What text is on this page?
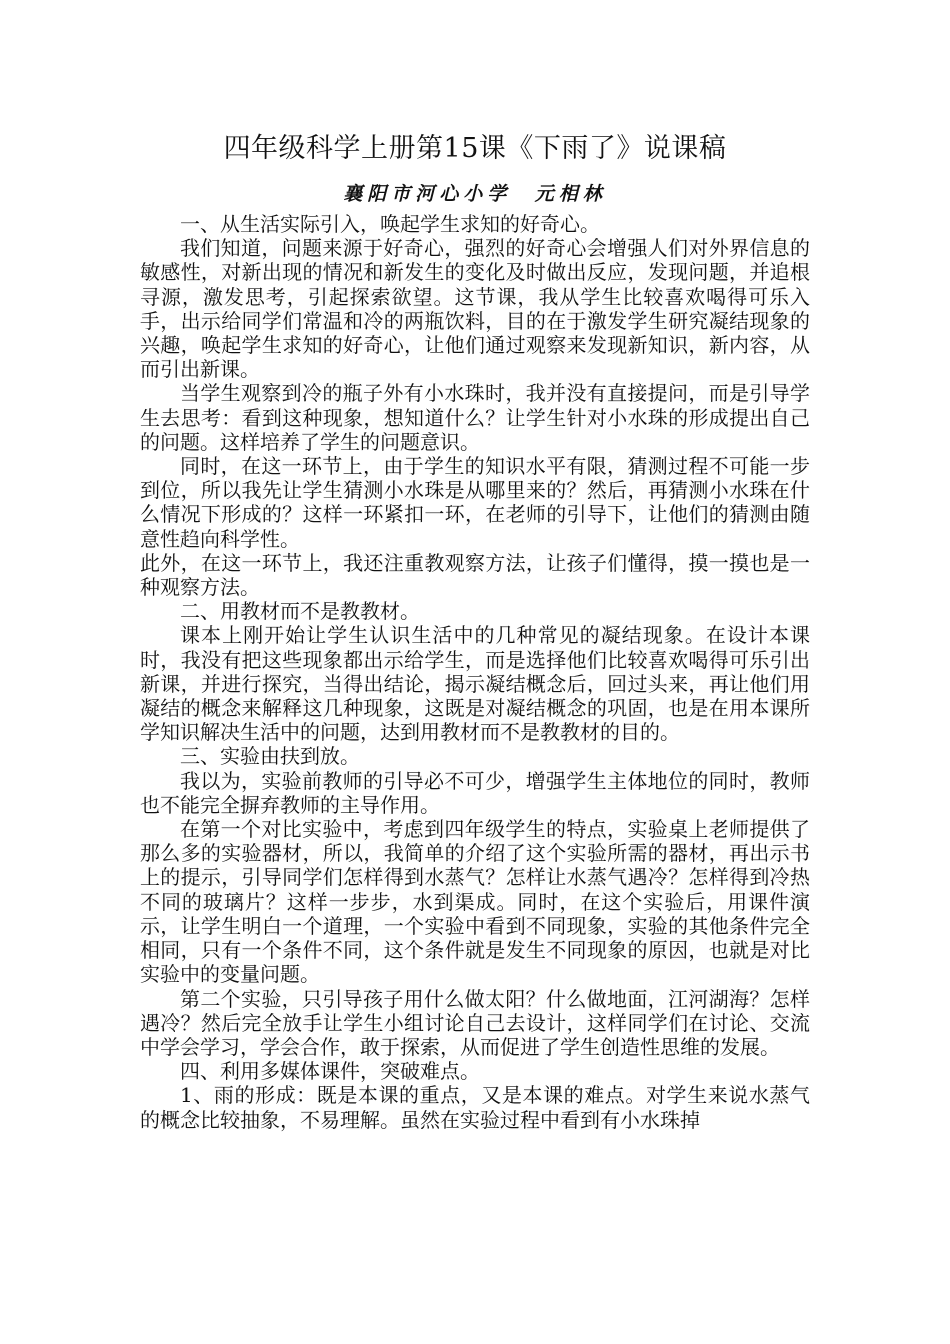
四年级科学上册第15课《下雨了》说课稿
襄阳市河心小学 元相林

一、从生活实际引入，唤起学生求知的好奇心。

我们知道，问题来源于好奇心，强烈的好奇心会增强人们对外界信息的敏感性，对新出现的情况和新发生的变化及时做出反应，发现问题，并追根寻源，激发思考，引起探索欲望。这节课，我从学生比较喜欢喝得可乐入手，出示给同学们常温和冷的两瓶饮料，目的在于激发学生研究凝结现象的兴趣，唤起学生求知的好奇心，让他们通过观察来发现新知识，新内容，从而引出新课。

当学生观察到冷的瓶子外有小水珠时，我并没有直接提问，而是引导学生去思考：看到这种现象，想知道什么？让学生针对小水珠的形成提出自己的问题。这样培养了学生的问题意识。

同时，在这一环节上，由于学生的知识水平有限，猜测过程不可能一步到位，所以我先让学生猜测小水珠是从哪里来的？然后，再猜测小水珠在什么情况下形成的？这样一环紧扣一环，在老师的引导下，让他们的猜测由随意性趋向科学性。

此外，在这一环节上，我还注重教观察方法，让孩子们懂得，摸一摸也是一种观察方法。

二、用教材而不是教教材。

课本上刚开始让学生认识生活中的几种常见的凝结现象。在设计本课时，我没有把这些现象都出示给学生，而是选择他们比较喜欢喝得可乐引出新课，并进行探究，当得出结论，揭示凝结概念后，回过头来，再让他们用凝结的概念来解释这几种现象，这既是对凝结概念的巩固，也是在用本课所学知识解决生活中的问题，达到用教材而不是教教材的目的。

三、实验由扶到放。

我以为，实验前教师的引导必不可少，增强学生主体地位的同时，教师也不能完全摒弃教师的主导作用。

在第一个对比实验中，考虑到四年级学生的特点，实验桌上老师提供了那么多的实验器材，所以，我简单的介绍了这个实验所需的器材，再出示书上的提示，引导同学们怎样得到水蒸气？怎样让水蒸气遇冷？怎样得到冷热不同的玻璃片？这样一步步，水到渠成。同时，在这个实验后，用课件演示，让学生明白一个道理，一个实验中看到不同现象，实验的其他条件完全相同，只有一个条件不同，这个条件就是发生不同现象的原因，也就是对比实验中的变量问题。

第二个实验，只引导孩子用什么做太阳？什么做地面，江河湖海？怎样遇冷？然后完全放手让学生小组讨论自己去设计，这样同学们在讨论、交流中学会学习，学会合作，敢于探索，从而促进了学生创造性思维的发展。

四、利用多媒体课件，突破难点。

1、雨的形成：既是本课的重点，又是本课的难点。对学生来说水蒸气的概念比较抽象，不易理解。虽然在实验过程中看到有小水珠掉
